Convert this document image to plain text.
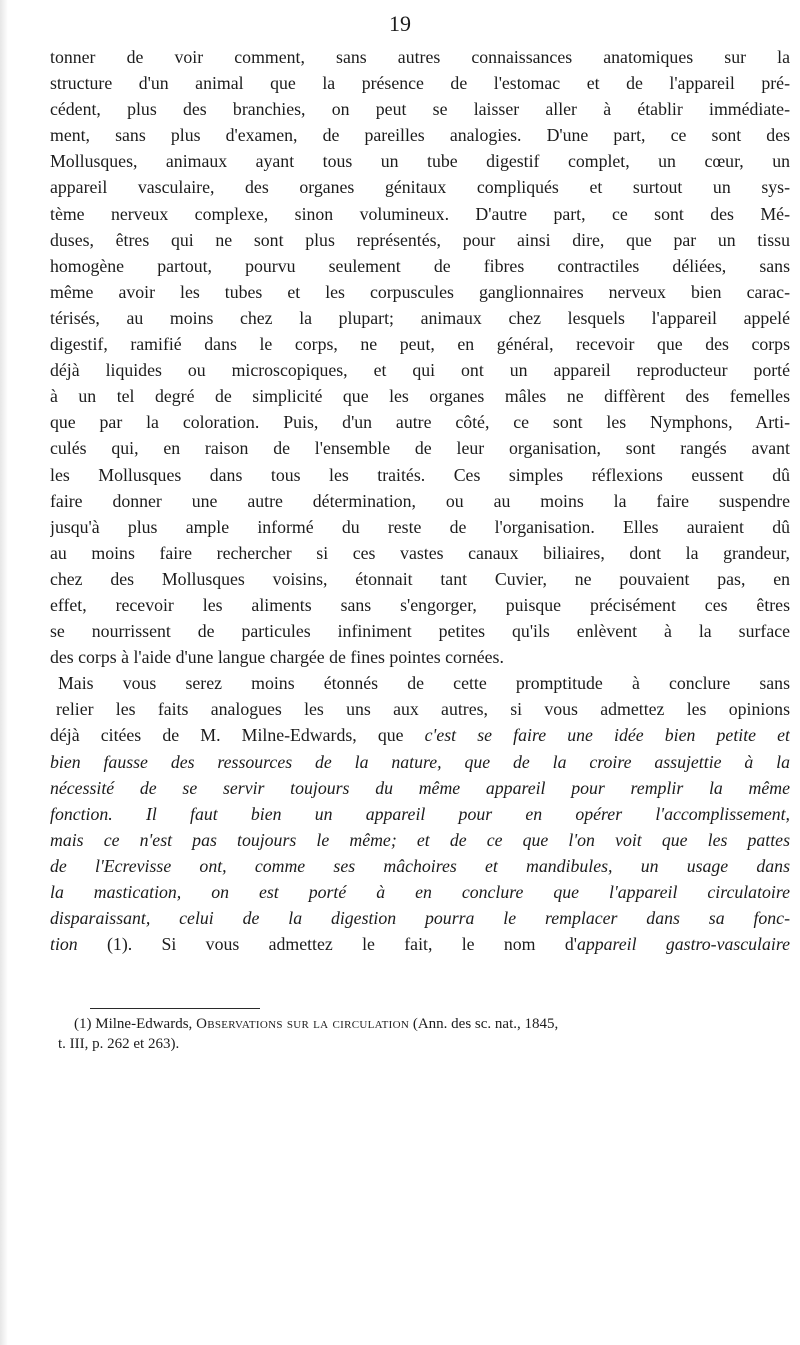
19

tonner de voir comment, sans autres connaissances anatomiques sur la
structure d'un animal que la présence de l'estomac et de l'appareil pré-
cédent, plus des branchies, on peut se laisser aller à établir immédiate-
ment, sans plus d'examen, de pareilles analogies. D'une part, ce sont des
Mollusques, animaux ayant tous un tube digestif complet, un cœur, un
appareil vasculaire, des organes génitaux compliqués et surtout un sys-
tème nerveux complexe, sinon volumineux. D'autre part, ce sont des Mé-
duses, êtres qui ne sont plus représentés, pour ainsi dire, que par un tissu
homogène partout, pourvu seulement de fibres contractiles déliées, sans
même avoir les tubes et les corpuscules ganglionnaires nerveux bien carac-
térisés, au moins chez la plupart; animaux chez lesquels l'appareil appelé
digestif, ramifié dans le corps, ne peut, en général, recevoir que des corps
déjà liquides ou microscopiques, et qui ont un appareil reproducteur porté
à un tel degré de simplicité que les organes mâles ne diffèrent des femelles
que par la coloration. Puis, d'un autre côté, ce sont les Nymphons, Arti-
culés qui, en raison de l'ensemble de leur organisation, sont rangés avant
les Mollusques dans tous les traités. Ces simples réflexions eussent dû
faire donner une autre détermination, ou au moins la faire suspendre
jusqu'à plus ample informé du reste de l'organisation. Elles auraient dû
au moins faire rechercher si ces vastes canaux biliaires, dont la grandeur,
chez des Mollusques voisins, étonnait tant Cuvier, ne pouvaient pas, en
effet, recevoir les aliments sans s'engorger, puisque précisément ces êtres
se nourrissent de particules infiniment petites qu'ils enlèvent à la surface
des corps à l'aide d'une langue chargée de fines pointes cornées.
Mais vous serez moins étonnés de cette promptitude à conclure sans
relier les faits analogues les uns aux autres, si vous admettez les opinions
déjà citées de M. Milne-Edwards, que c'est se faire une idée bien petite et
bien fausse des ressources de la nature, que de la croire assujettie à la
nécessité de se servir toujours du même appareil pour remplir la même
fonction. Il faut bien un appareil pour en opérer l'accomplissement,
mais ce n'est pas toujours le même; et de ce que l'on voit que les pattes
de l'Ecrevisse ont, comme ses mâchoires et mandibules, un usage dans
la mastication, on est porté à en conclure que l'appareil circulatoire
disparaissant, celui de la digestion pourra le remplacer dans sa fonc-
tion (1). Si vous admettez le fait, le nom d'appareil gastro-vasculaire
(1) Milne-Edwards, Observations sur la circulation (Ann. des sc. nat., 1845,
t. III, p. 262 et 263).
